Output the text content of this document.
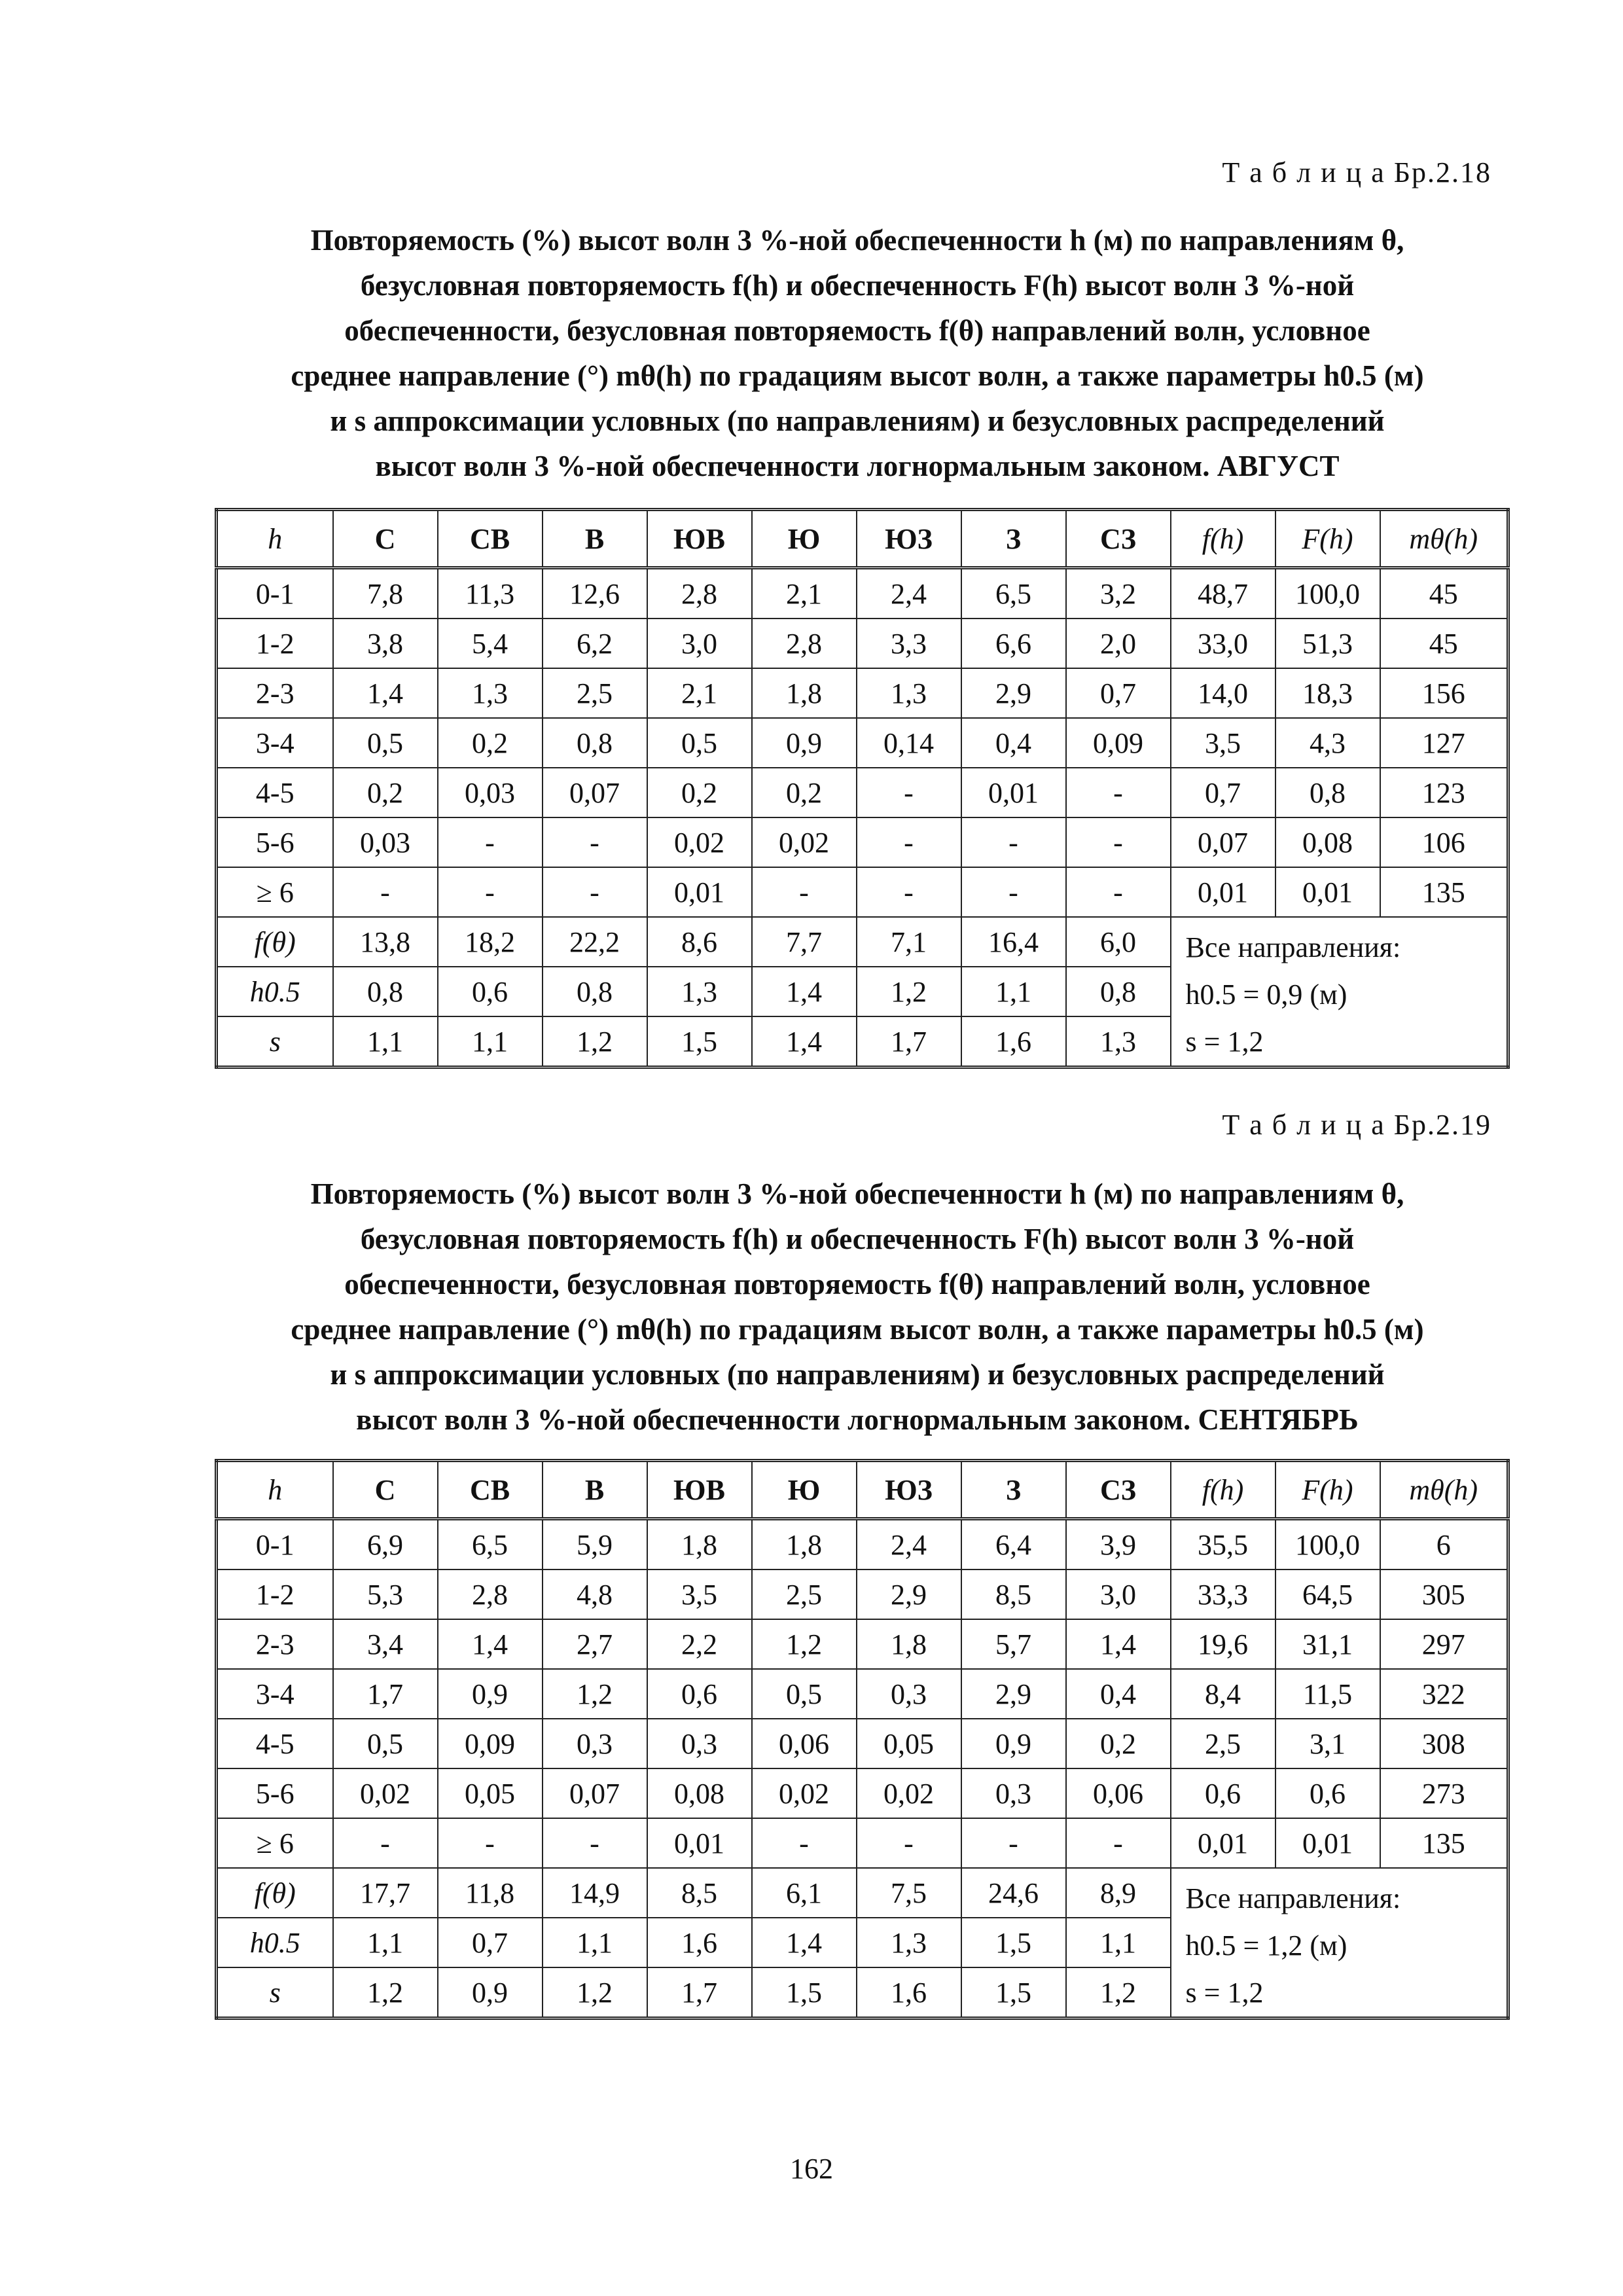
Т а б л и ц а Бр.2.18
Повторяемость (%) высот волн 3 %-ной обеспеченности h (м) по направлениям θ,
безусловная повторяемость f(h) и обеспеченность F(h) высот волн 3 %-ной
обеспеченности, безусловная повторяемость f(θ) направлений волн, условное
среднее направление (°) mθ(h) по градациям высот волн, а также параметры h0.5 (м)
и s аппроксимации условных (по направлениям) и безусловных распределений
высот волн 3 %-ной обеспеченности логнормальным законом. АВГУСТ
h	С	СВ	В	ЮВ	Ю	ЮЗ	З	СЗ	f(h)	F(h)	mθ(h)
0-1	7,8	11,3	12,6	2,8	2,1	2,4	6,5	3,2	48,7	100,0	45
1-2	3,8	5,4	6,2	3,0	2,8	3,3	6,6	2,0	33,0	51,3	45
2-3	1,4	1,3	2,5	2,1	1,8	1,3	2,9	0,7	14,0	18,3	156
3-4	0,5	0,2	0,8	0,5	0,9	0,14	0,4	0,09	3,5	4,3	127
4-5	0,2	0,03	0,07	0,2	0,2	-	0,01	-	0,7	0,8	123
5-6	0,03	-	-	0,02	0,02	-	-	-	0,07	0,08	106
≥ 6	-	-	-	0,01	-	-	-	-	0,01	0,01	135
f(θ)	13,8	18,2	22,2	8,6	7,7	7,1	16,4	6,0	Все направления:
h0.5 = 0,9 (м)
s = 1,2		

h0.5	0,8	0,6	0,8	1,3	1,4	1,2	1,1	0,8			
s	1,1	1,1	1,2	1,5	1,4	1,7	1,6	1,3			
Т а б л и ц а Бр.2.19
Повторяемость (%) высот волн 3 %-ной обеспеченности h (м) по направлениям θ,
безусловная повторяемость f(h) и обеспеченность F(h) высот волн 3 %-ной
обеспеченности, безусловная повторяемость f(θ) направлений волн, условное
среднее направление (°) mθ(h) по градациям высот волн, а также параметры h0.5 (м)
и s аппроксимации условных (по направлениям) и безусловных распределений
высот волн 3 %-ной обеспеченности логнормальным законом. СЕНТЯБРЬ
h	С	СВ	В	ЮВ	Ю	ЮЗ	З	СЗ	f(h)	F(h)	mθ(h)
0-1	6,9	6,5	5,9	1,8	1,8	2,4	6,4	3,9	35,5	100,0	6
1-2	5,3	2,8	4,8	3,5	2,5	2,9	8,5	3,0	33,3	64,5	305
2-3	3,4	1,4	2,7	2,2	1,2	1,8	5,7	1,4	19,6	31,1	297
3-4	1,7	0,9	1,2	0,6	0,5	0,3	2,9	0,4	8,4	11,5	322
4-5	0,5	0,09	0,3	0,3	0,06	0,05	0,9	0,2	2,5	3,1	308
5-6	0,02	0,05	0,07	0,08	0,02	0,02	0,3	0,06	0,6	0,6	273
≥ 6	-	-	-	0,01	-	-	-	-	0,01	0,01	135
f(θ)	17,7	11,8	14,9	8,5	6,1	7,5	24,6	8,9	Все направления:
h0.5 = 1,2 (м)
s = 1,2		

h0.5	1,1	0,7	1,1	1,6	1,4	1,3	1,5	1,1			
s	1,2	0,9	1,2	1,7	1,5	1,6	1,5	1,2			
162
